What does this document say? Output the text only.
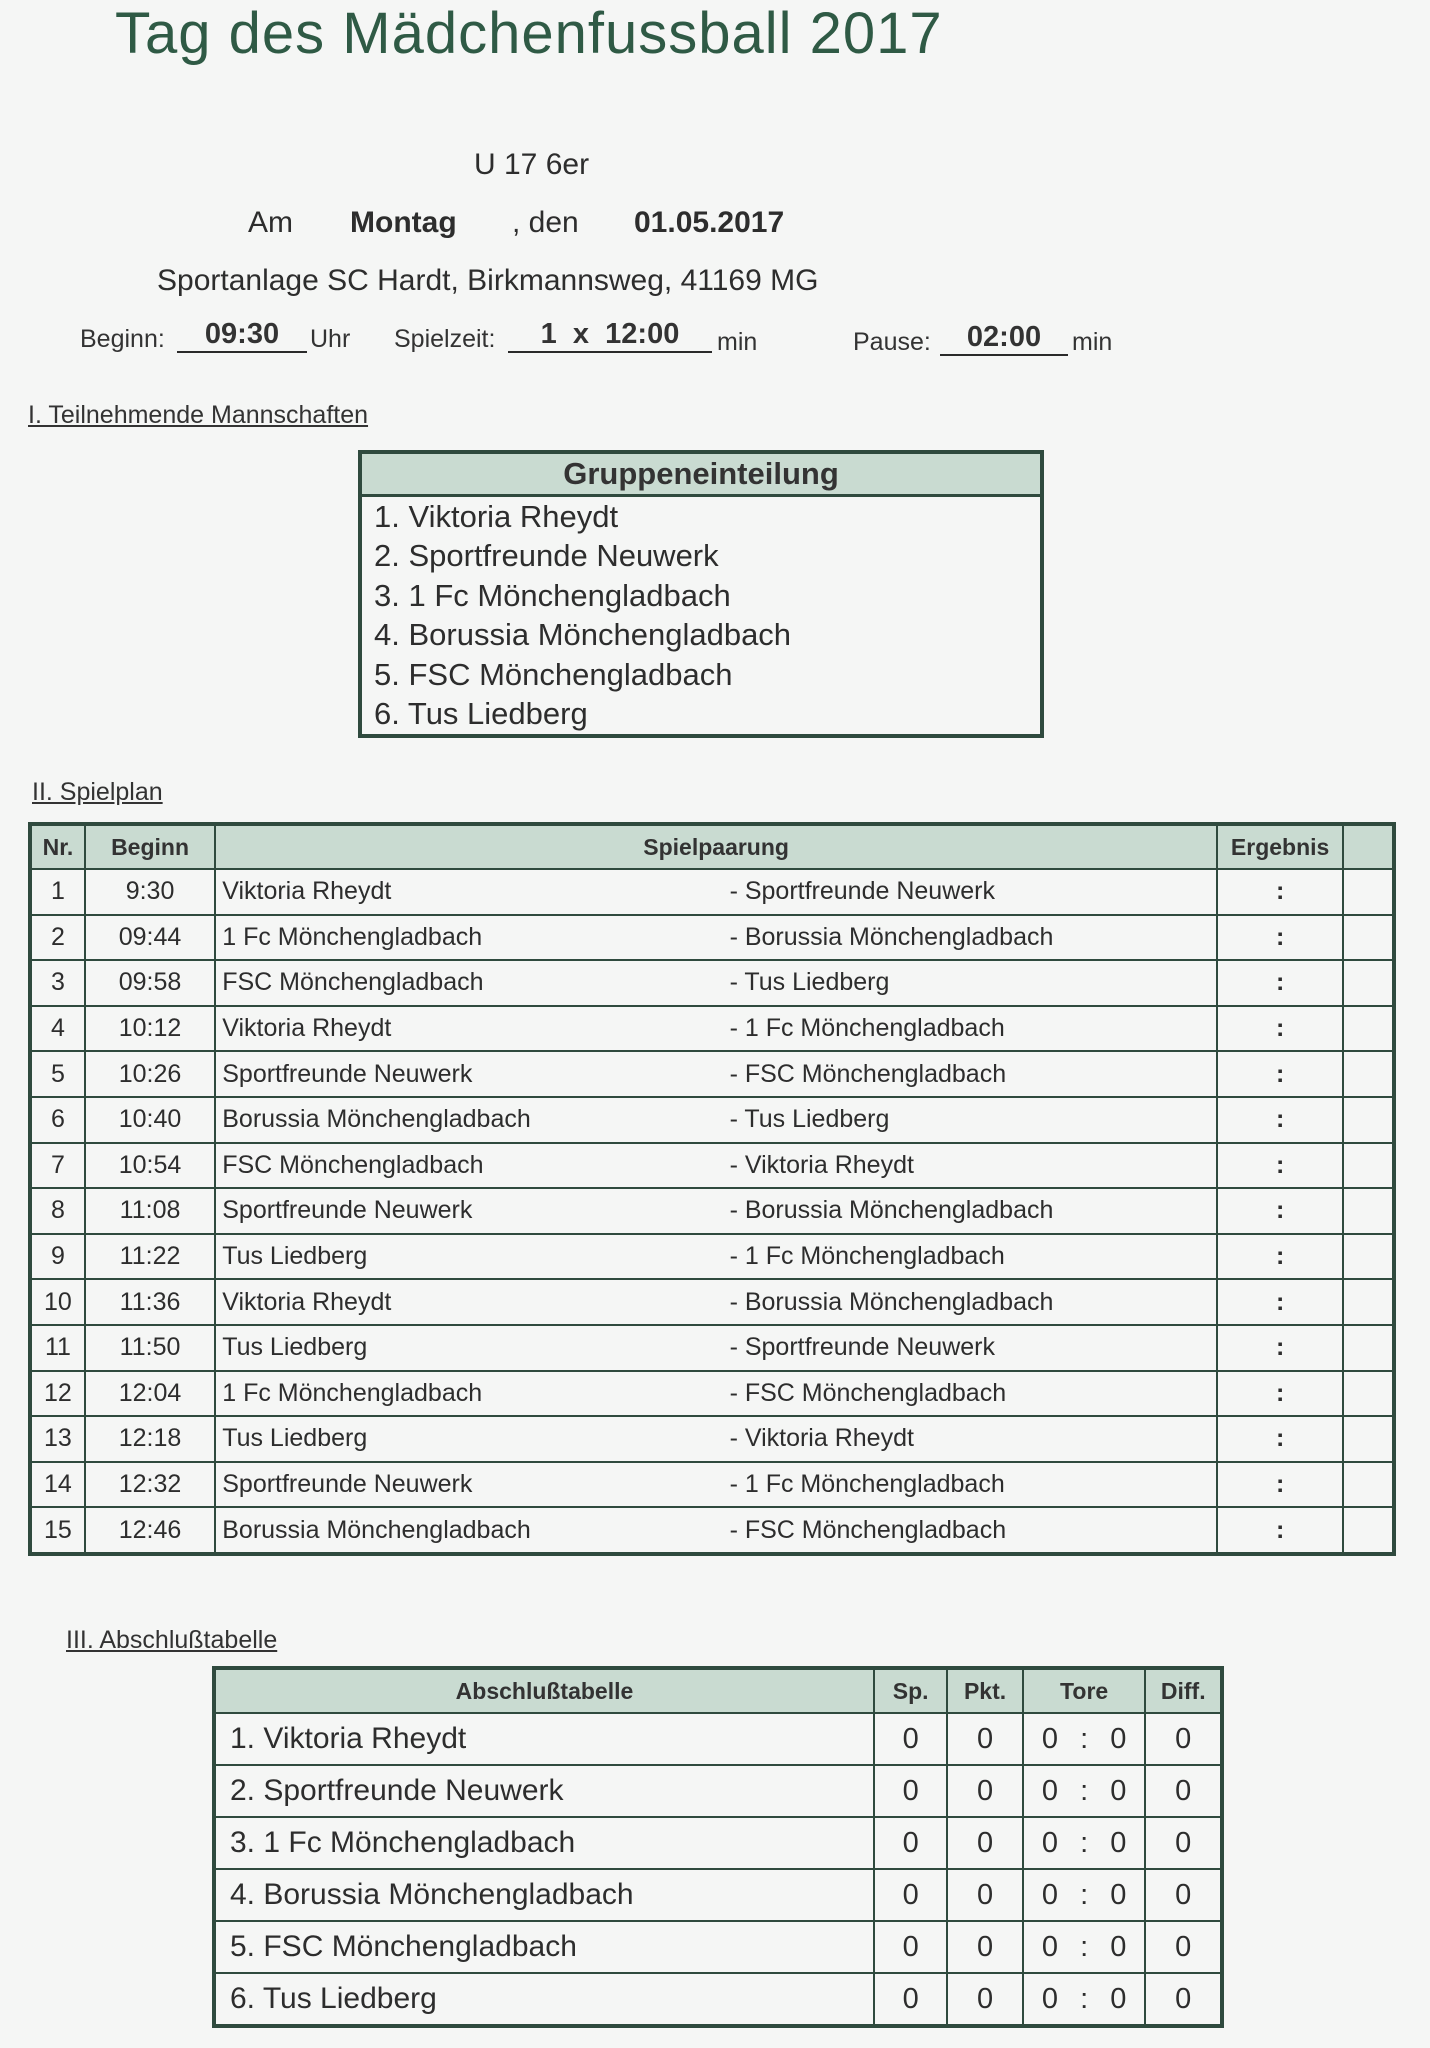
Tag des Mädchenfussball 2017
U 17 6er
Am Montag , den 01.05.2017
Sportanlage SC Hardt, Birkmannsweg, 41169 MG
Beginn:	09:30	Uhr Spielzeit:	1  x  12:00	min	Pause:	02:00	min
I. Teilnehmende Mannschaften
Gruppeneinteilung
1. Viktoria Rheydt
2. Sportfreunde Neuwerk
3. 1 Fc Mönchengladbach
4. Borussia Mönchengladbach
5. FSC Mönchengladbach
6. Tus Liedberg
II. Spielplan
Nr.	Beginn	Spielpaarung		Ergebnis	
1	9:30	Viktoria Rheydt	- Sportfreunde Neuwerk	:	
2	09:44	1 Fc Mönchengladbach	- Borussia Mönchengladbach	:	
3	09:58	FSC Mönchengladbach	- Tus Liedberg	:	
4	10:12	Viktoria Rheydt	- 1 Fc Mönchengladbach	:	
5	10:26	Sportfreunde Neuwerk	- FSC Mönchengladbach	:	
6	10:40	Borussia Mönchengladbach	- Tus Liedberg	:	
7	10:54	FSC Mönchengladbach	- Viktoria Rheydt	:	
8	11:08	Sportfreunde Neuwerk	- Borussia Mönchengladbach	:	
9	11:22	Tus Liedberg	- 1 Fc Mönchengladbach	:	
10	11:36	Viktoria Rheydt	- Borussia Mönchengladbach	:	
11	11:50	Tus Liedberg	- Sportfreunde Neuwerk	:	
12	12:04	1 Fc Mönchengladbach	- FSC Mönchengladbach	:	
13	12:18	Tus Liedberg	- Viktoria Rheydt	:	
14	12:32	Sportfreunde Neuwerk	- 1 Fc Mönchengladbach	:	
15	12:46	Borussia Mönchengladbach	- FSC Mönchengladbach	:	
III. Abschlußtabelle
Abschlußtabelle	Sp.	Pkt.	Tore	Diff.
1. Viktoria Rheydt	0	0	0 : 0	0
2. Sportfreunde Neuwerk	0	0	0 : 0	0
3. 1 Fc Mönchengladbach	0	0	0 : 0	0
4. Borussia Mönchengladbach	0	0	0 : 0	0
5. FSC Mönchengladbach	0	0	0 : 0	0
6. Tus Liedberg	0	0	0 : 0	0
